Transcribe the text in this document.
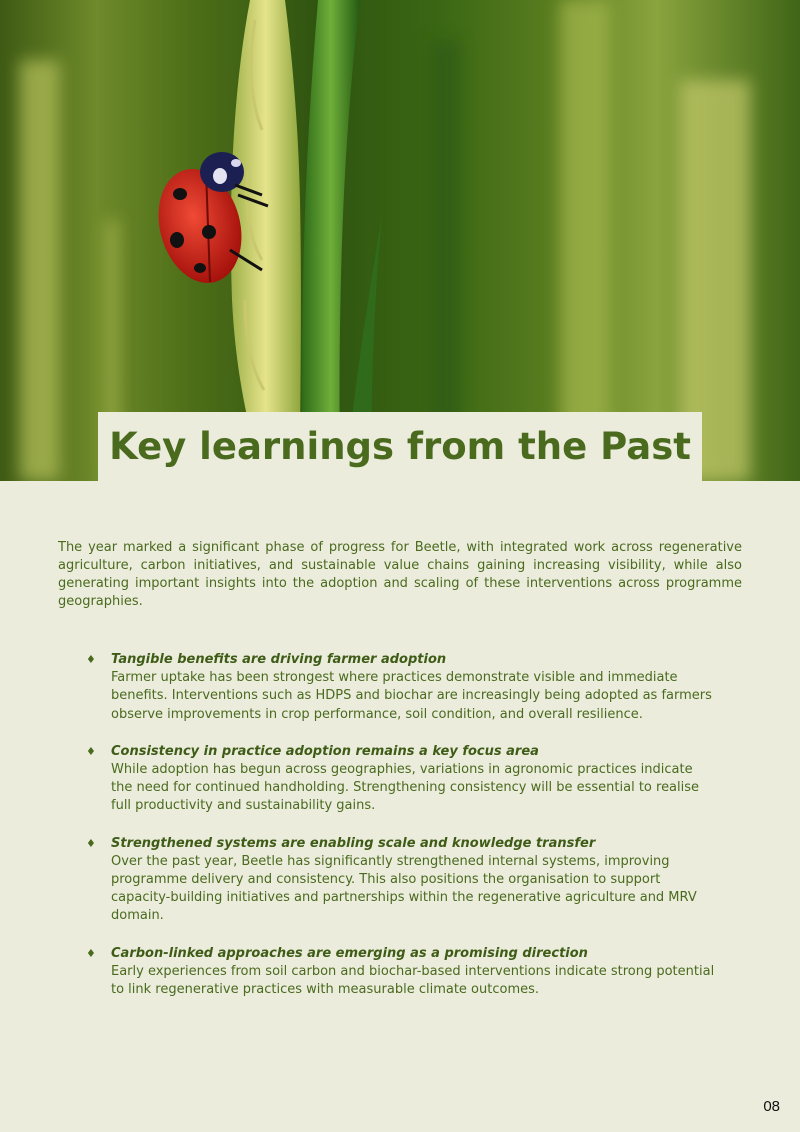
Key learnings from the Past

The year marked a significant phase of progress for Beetle, with integrated work across regenerative agriculture, carbon initiatives, and sustainable value chains gaining increasing visibility, while also generating important insights into the adoption and scaling of these interventions across programme geographies.

♦ Tangible benefits are driving farmer adoption
Farmer uptake has been strongest where practices demonstrate visible and immediate benefits. Interventions such as HDPS and biochar are increasingly being adopted as farmers observe improvements in crop performance, soil condition, and overall resilience.
♦ Consistency in practice adoption remains a key focus area
While adoption has begun across geographies, variations in agronomic practices indicate the need for continued handholding. Strengthening consistency will be essential to realise full productivity and sustainability gains.
♦ Strengthened systems are enabling scale and knowledge transfer
Over the past year, Beetle has significantly strengthened internal systems, improving programme delivery and consistency. This also positions the organisation to support capacity-building initiatives and partnerships within the regenerative agriculture and MRV domain.
♦ Carbon-linked approaches are emerging as a promising direction
Early experiences from soil carbon and biochar-based interventions indicate strong potential to link regenerative practices with measurable climate outcomes.
08
